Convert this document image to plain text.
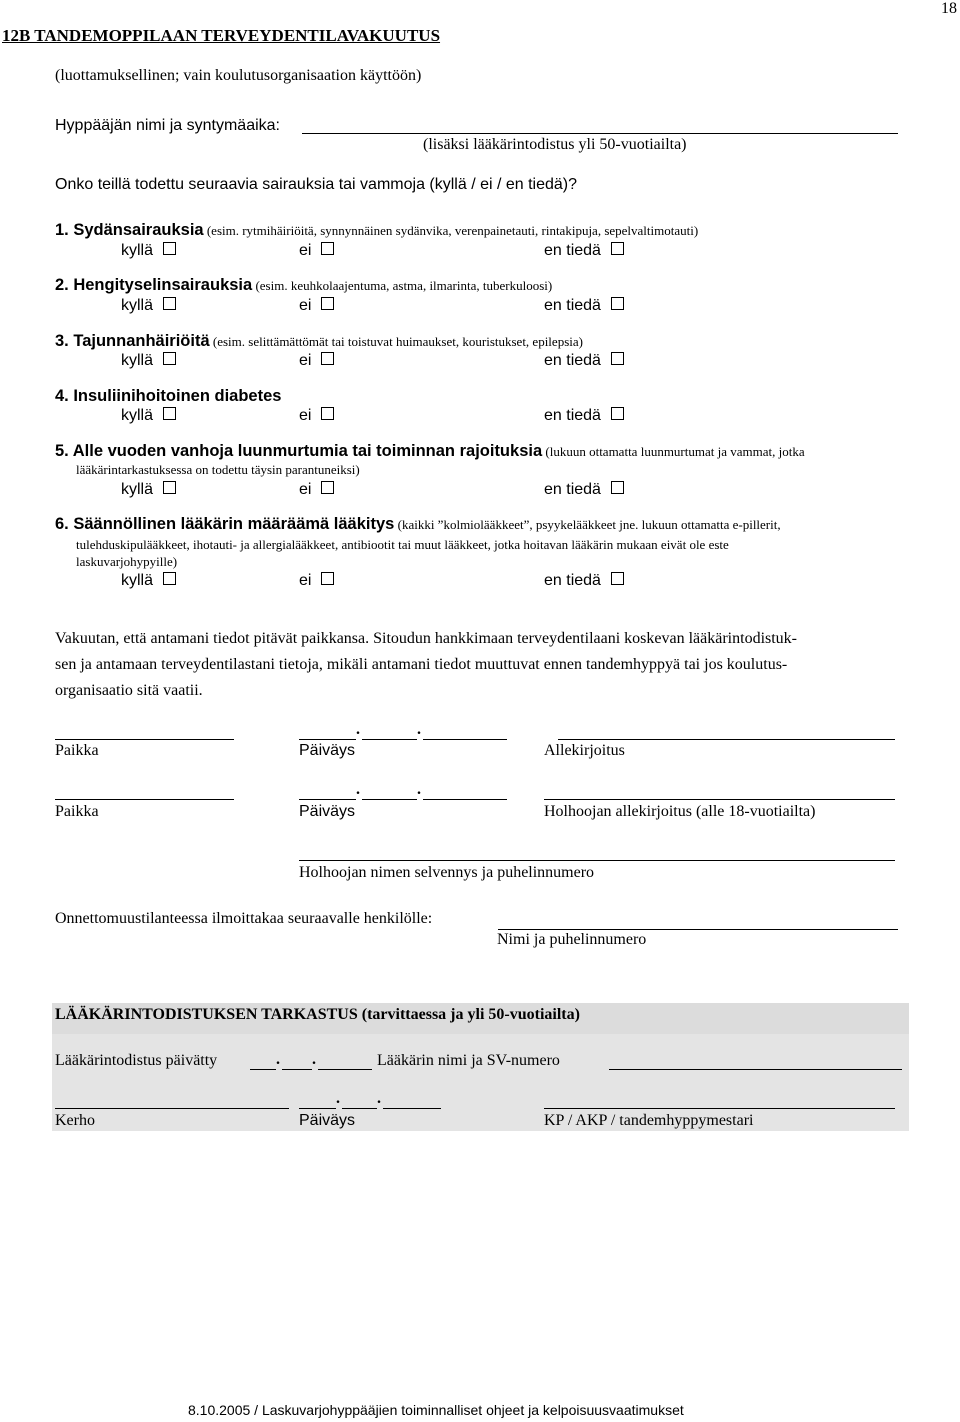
18
12B TANDEMOPPILAAN TERVEYDENTILAVAKUUTUS
(luottamuksellinen; vain koulutusorganisaation käyttöön)
Hyppääjän nimi ja syntymäaika:
(lisäksi lääkärintodistus yli 50-vuotiailta)
Onko teillä todettu seuraavia sairauksia tai vammoja (kyllä / ei / en tiedä)?
1. Sydänsairauksia (esim. rytmihäiriöitä, synnynnäinen sydänvika, verenpainetauti, rintakipuja, sepelvaltimotauti)
kyllä	ei	en tiedä
2. Hengityselinsairauksia (esim. keuhkolaajentuma, astma, ilmarinta, tuberkuloosi)
kyllä	ei	en tiedä
3. Tajunnanhäiriöitä (esim. selittämättömät tai toistuvat huimaukset, kouristukset, epilepsia)
kyllä	ei	en tiedä
4. Insuliinihoitoinen diabetes
kyllä	ei	en tiedä
5. Alle vuoden vanhoja luunmurtumia tai toiminnan rajoituksia (lukuun ottamatta luunmurtumat ja vammat, jotka
lääkärintarkastuksessa on todettu täysin parantuneiksi)
kyllä	ei	en tiedä
6. Säännöllinen lääkärin määräämä lääkitys (kaikki ”kolmiolääkkeet”, psyykelääkkeet jne. lukuun ottamatta e-pillerit,
tulehduskipulääkkeet, ihotauti- ja allergialääkkeet, antibiootit tai muut lääkkeet, jotka hoitavan lääkärin mukaan eivät ole este
laskuvarjohypyille)
kyllä	ei	en tiedä
Vakuutan, että antamani tiedot pitävät paikkansa. Sitoudun hankkimaan terveydentilaani koskevan lääkärintodistuk-
sen ja antamaan terveydentilastani tietoja, mikäli antamani tiedot muuttuvat ennen tandemhyppyä tai jos koulutus-
organisaatio sitä vaatii.
.	.
Paikka	Päiväys	Allekirjoitus
.	.
Paikka	Päiväys	Holhoojan allekirjoitus (alle 18-vuotiailta)
Holhoojan nimen selvennys ja puhelinnumero
Onnettomuustilanteessa ilmoittakaa seuraavalle henkilölle:
Nimi ja puhelinnumero
LÄÄKÄRINTODISTUKSEN TARKASTUS (tarvittaessa ja yli 50-vuotiailta)
Lääkärintodistus päivätty	. .	Lääkärin nimi ja SV-numero
. .
Kerho	Päiväys	KP / AKP / tandemhyppymestari
8.10.2005 / Laskuvarjohyppääjien toiminnalliset ohjeet ja kelpoisuusvaatimukset
